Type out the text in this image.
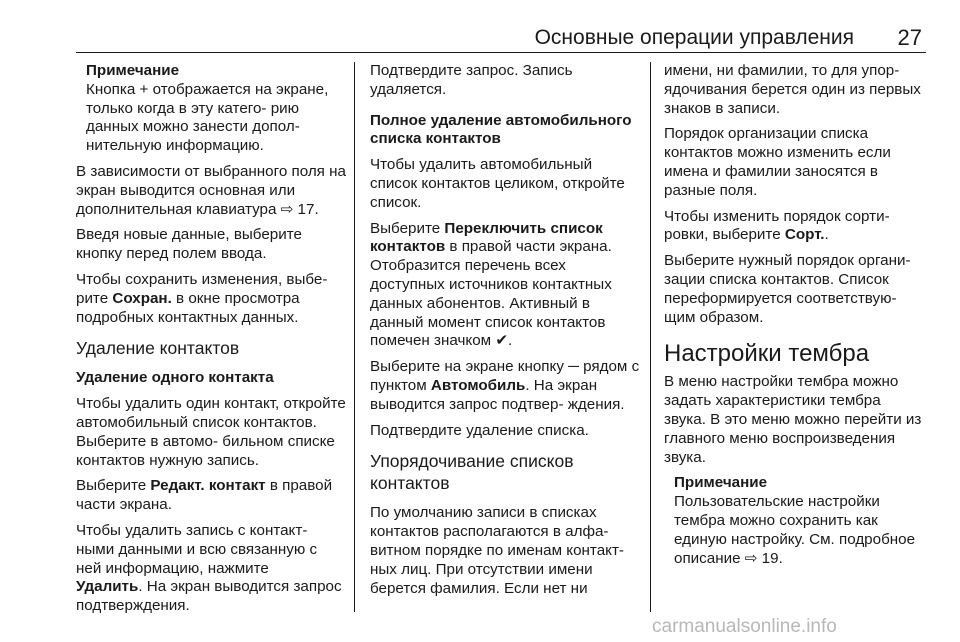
Основные операции управления 27
Примечание
Кнопка + отображается на экране, только когда в эту катего- рию данных можно занести допол- нительную информацию.

В зависимости от выбранного поля на экран выводится основная или дополнительная клавиатура ⇨ 17.

Введя новые данные, выберите кнопку перед полем ввода.

Чтобы сохранить изменения, выбе- рите Сохран. в окне просмотра подробных контактных данных.

Удаление контактов

Удаление одного контакта

Чтобы удалить один контакт, откройте автомобильный список контактов. Выберите в автомо- бильном списке контактов нужную запись.

Выберите Редакт. контакт в правой части экрана.

Чтобы удалить запись с контакт- ными данными и всю связанную с ней информацию, нажмите
Удалить. На экран выводится запрос подтверждения.

Подтвердите запрос. Запись удаляется.

Полное удаление автомобильного списка контактов

Чтобы удалить автомобильный список контактов целиком, откройте список.

Выберите Переключить список контактов в правой части экрана. Отобразится перечень всех доступных источников контактных данных абонентов. Активный в данный момент список контактов помечен значком ✔.

Выберите на экране кнопку ─ рядом с пунктом Автомобиль. На экран выводится запрос подтвер- ждения.

Подтвердите удаление списка.

Упорядочивание списков контактов

По умолчанию записи в списках контактов располагаются в алфа- витном порядке по именам контакт- ных лиц. При отсутствии имени берется фамилия. Если нет ни

имени, ни фамилии, то для упор- ядочивания берется один из первых знаков в записи.

Порядок организации списка контактов можно изменить если имена и фамилии заносятся в разные поля.

Чтобы изменить порядок сорти- ровки, выберите Сорт..

Выберите нужный порядок органи- зации списка контактов. Список переформируется соответствую- щим образом.

Настройки тембра

В меню настройки тембра можно задать характеристики тембра звука. В это меню можно перейти из главного меню воспроизведения звука.

Примечание
Пользовательские настройки тембра можно сохранить как единую настройку. См. подробное описание ⇨ 19.
carmanualsonline.info
